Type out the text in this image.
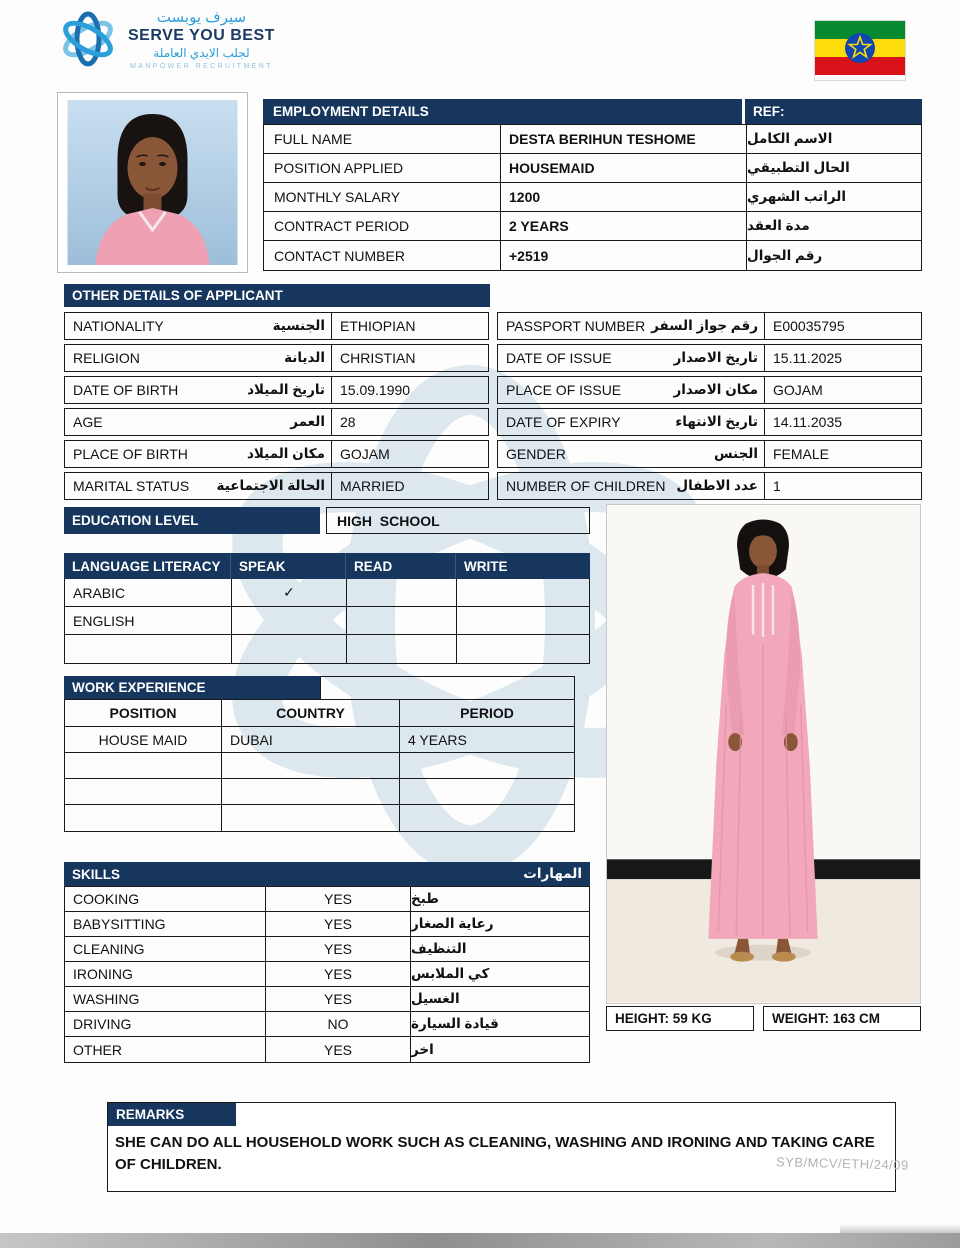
سيرف يوبست
SERVE YOU BEST
لجلب الايدي العاملة
MANPOWER RECRUITMENT
EMPLOYMENT DETAILS	REF:
FULL NAME	DESTA BERIHUN TESHOME	الاسم الكامل
POSITION APPLIED	HOUSEMAID	الحال التطبيقي
MONTHLY SALARY	1200	الراتب الشهري
CONTRACT PERIOD	2 YEARS	مدة العقد
CONTACT NUMBER	+2519	رقم الجوال
OTHER DETAILS OF APPLICANT
NATIONALITY	الجنسية	ETHIOPIAN
RELIGION	الديانة	CHRISTIAN
DATE OF BIRTH	تاريخ الميلاد	15.09.1990
AGE	العمر	28
PLACE OF BIRTH	مكان الميلاد	GOJAM
MARITAL STATUS الحالة الاجتماعية	MARRIED
PASSPORT NUMBER رقم جواز السفر	E00035795
DATE OF ISSUE	تاريخ الاصدار	15.11.2025
PLACE OF ISSUE	مكان الاصدار	GOJAM
DATE OF EXPIRY	تاريخ الانتهاء	14.11.2035
GENDER	الجنس	FEMALE
NUMBER OF CHILDREN عدد الاطفال	1
EDUCATION LEVEL	HIGH  SCHOOL
LANGUAGE LITERACY	SPEAK	READ	WRITE
ARABIC	✓
ENGLISH
WORK EXPERIENCE
POSITION	COUNTRY	PERIOD
HOUSE MAID	DUBAI	4 YEARS
SKILLS	المهارات
COOKING	YES	طبخ
BABYSITTING	YES	رعاية الصغار
CLEANING	YES	التنظيف
IRONING	YES	كي الملابس
WASHING	YES	الغسيل
DRIVING	NO	قيادة السيارة
OTHER	YES	اخر
HEIGHT: 59 KG	WEIGHT: 163 CM
REMARKS
SHE CAN DO ALL HOUSEHOLD WORK SUCH AS CLEANING, WASHING AND IRONING AND TAKING CARE OF CHILDREN.	SYB/MCV/ETH/24/09
